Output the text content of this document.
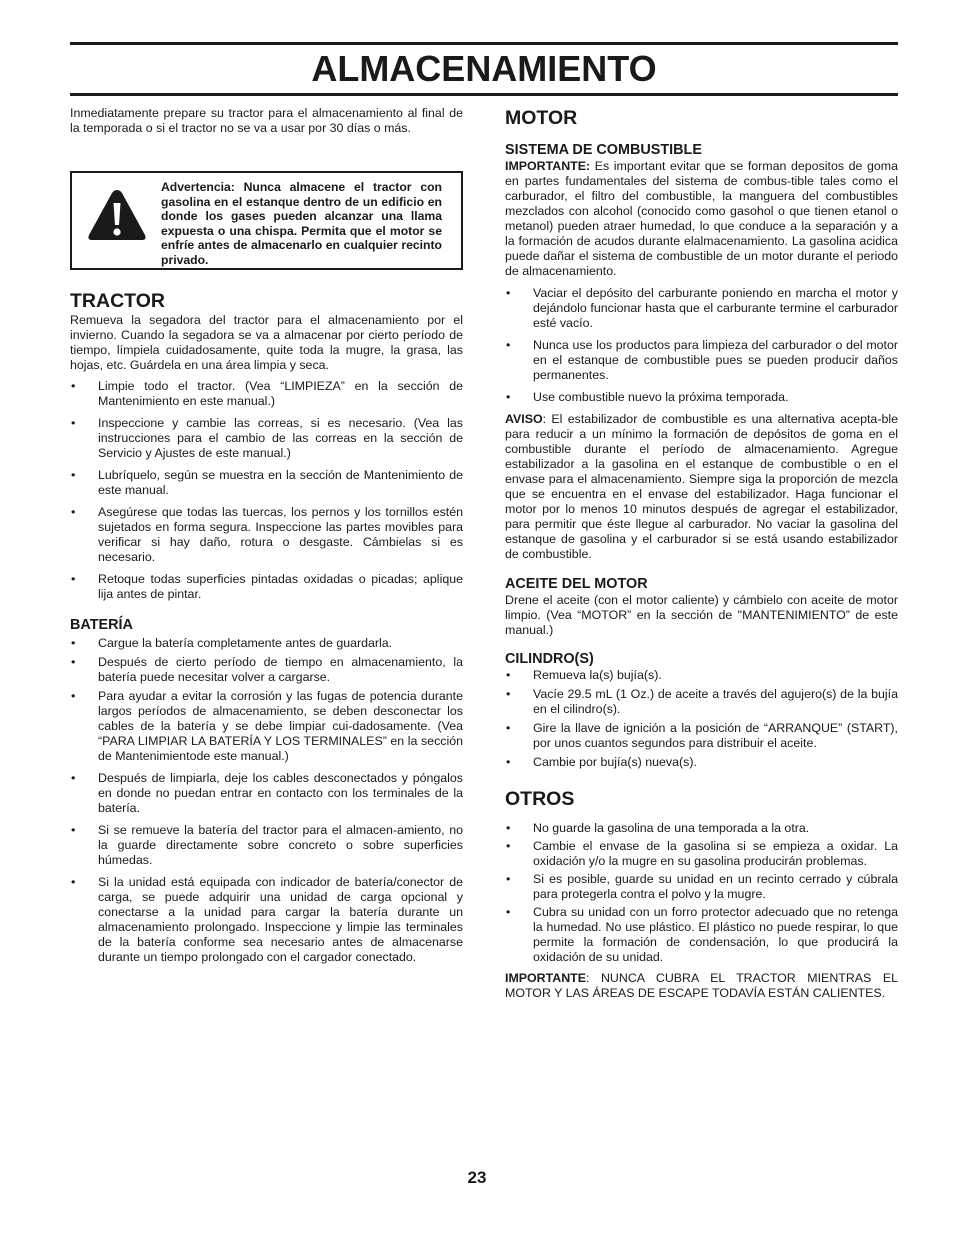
ALMACENAMIENTO

Inmediatamente prepare su tractor para el almacenamiento al final de la temporada o si el tractor no se va a usar por 30 días o más.

Advertencia: Nunca almacene el tractor con gasolina en el estanque dentro de un edificio en donde los gases pueden alcanzar una llama expuesta o una chispa. Permita que el motor se enfríe antes de almacenarlo en cualquier recinto privado.
TRACTOR

Remueva la segadora del tractor para el almacenamiento por el invierno. Cuando la segadora se va a almacenar por cierto período de tiempo, límpiela cuidadosamente, quite toda la mugre, la grasa, las hojas, etc. Guárdela en una área limpia y seca.

• Limpie todo el tractor. (Vea “LIMPIEZA” en la sección de Mantenimiento en este manual.)
• Inspeccione y cambie las correas, si es necesario. (Vea las instrucciones para el cambio de las correas en la sección de Servicio y Ajustes de este manual.)
• Lubríquelo, según se muestra en la sección de Mantenimiento de este manual.
• Asegúrese que todas las tuercas, los pernos y los tornillos estén sujetados en forma segura. Inspeccione las partes movibles para verificar si hay daño, rotura o desgaste. Cámbielas si es necesario.
• Retoque todas superficies pintadas oxidadas o picadas; aplique lija antes de pintar.
BATERÍA
• Cargue la batería completamente antes de guardarla.
• Después de cierto período de tiempo en almacenamiento, la batería puede necesitar volver a cargarse.
• Para ayudar a evitar la corrosión y las fugas de potencia durante largos períodos de almacenamiento, se deben desconectar los cables de la batería y se debe limpiar cui-dadosamente. (Vea “PARA LIMPIAR LA BATERÍA Y LOS TERMINALES” en la sección de Mantenimientode este manual.)
• Después de limpiarla, deje los cables desconectados y póngalos en donde no puedan entrar en contacto con los terminales de la batería.
• Si se remueve la batería del tractor para el almacen-amiento, no la guarde directamente sobre concreto o sobre superficies húmedas.
• Si la unidad está equipada con indicador de batería/conector de carga, se puede adquirir una unidad de carga opcional y conectarse a la unidad para cargar la batería durante un almacenamiento prolongado. Inspeccione y limpie las terminales de la batería conforme sea necesario antes de almacenarse durante un tiempo prolongado con el cargador conectado.
MOTOR
SISTEMA DE COMBUSTIBLE

IMPORTANTE: Es important evitar que se forman depositos de goma en partes fundamentales del sistema de combus-tible tales como el carburador, el filtro del combustible, la manguera del combustibles mezclados con alcohol (conocido como gasohol o que tienen etanol o metanol) pueden atraer humedad, lo que conduce a la separación y a la formación de acudos durante elalmacenamiento. La gasolina acidica puede dañar el sistema de combustible de un motor durante el periodo de almacenamiento.

• Vaciar el depósito del carburante poniendo en marcha el motor y dejándolo funcionar hasta que el carburante termine el carburador esté vacío.
• Nunca use los productos para limpieza del carburador o del motor en el estanque de combustible pues se pueden producir daños permanentes.
• Use combustible nuevo la próxima temporada.

AVISO: El estabilizador de combustible es una alternativa acepta-ble para reducir a un mínimo la formación de depósitos de goma en el combustible durante el período de almacenamiento. Agregue estabilizador a la gasolina en el estanque de combustible o en el envase para el almacenamiento. Siempre siga la proporción de mezcla que se encuentra en el envase del estabilizador. Haga funcionar el motor por lo menos 10 minutos después de agregar el estabilizador, para permitir que éste llegue al carburador. No vaciar la gasolina del estanque de gasolina y el carburador si se está usando estabilizador de combustible.

ACEITE DEL MOTOR

Drene el aceite (con el motor caliente) y cámbielo con aceite de motor limpio. (Vea “MOTOR” en la sección de "MANTENIMIENTO” de este manual.)

CILINDRO(S)
• Remueva la(s) bujía(s).
• Vacíe 29.5 mL (1 Oz.) de aceite a través del agujero(s) de la bujía en el cilindro(s).
• Gire la llave de ignición a la posición de “ARRANQUE” (START), por unos cuantos segundos para distribuir el aceite.
• Cambie por bujía(s) nueva(s).
OTROS
• No guarde la gasolina de una temporada a la otra.
• Cambie el envase de la gasolina si se empieza a oxidar. La oxidación y/o la mugre en su gasolina producirán problemas.
• Si es posible, guarde su unidad en un recinto cerrado y cúbrala para protegerla contra el polvo y la mugre.
• Cubra su unidad con un forro protector adecuado que no retenga la humedad. No use plástico. El plástico no puede respirar, lo que permite la formación de condensación, lo que producirá la oxidación de su unidad.

IMPORTANTE: NUNCA CUBRA EL TRACTOR MIENTRAS EL MOTOR Y LAS ÁREAS DE ESCAPE TODAVÍA ESTÁN CALIENTES.

23
